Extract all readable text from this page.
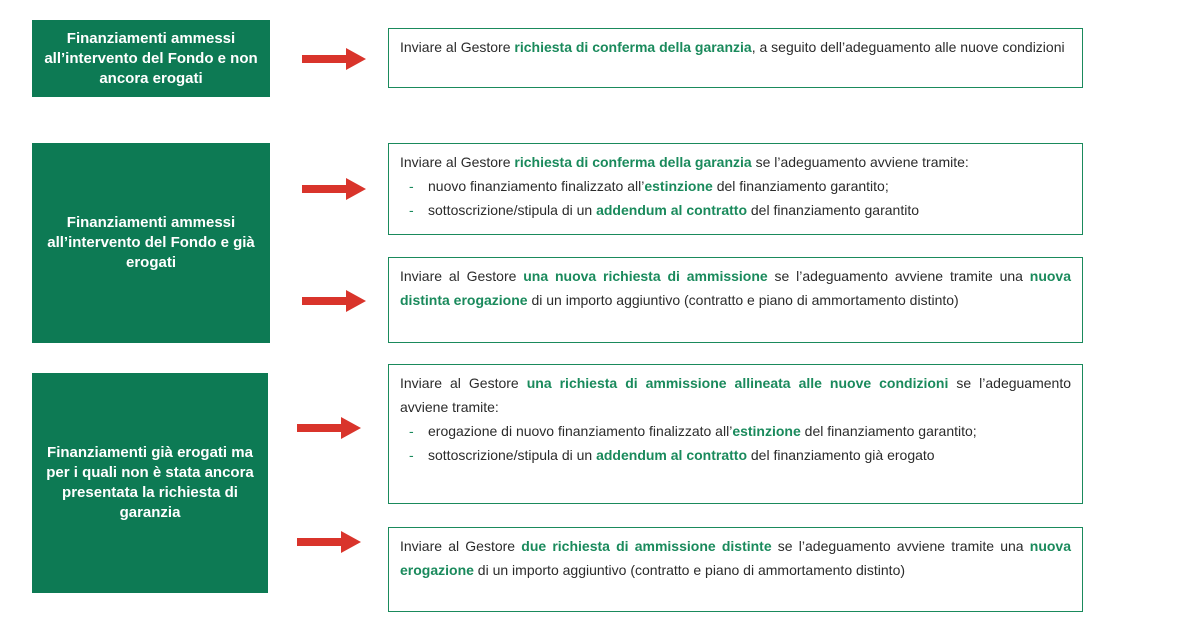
Finanziamenti ammessi all’intervento del Fondo e non ancora erogati
Inviare al Gestore richiesta di conferma della garanzia, a seguito dell’adeguamento alle nuove condizioni
Finanziamenti ammessi all’intervento del Fondo e già erogati
Inviare al Gestore richiesta di conferma della garanzia se l’adeguamento avviene tramite:
- nuovo finanziamento finalizzato all’estinzione del finanziamento garantito;
- sottoscrizione/stipula di un addendum al contratto del finanziamento garantito
Inviare al Gestore una nuova richiesta di ammissione se l’adeguamento avviene tramite una nuova distinta erogazione di un importo aggiuntivo (contratto e piano di ammortamento distinto)
Finanziamenti già erogati ma per i quali non è stata ancora presentata la richiesta di garanzia
Inviare al Gestore una richiesta di ammissione allineata alle nuove condizioni se l’adeguamento avviene tramite:
- erogazione di nuovo finanziamento finalizzato all’estinzione del finanziamento garantito;
- sottoscrizione/stipula di un addendum al contratto del finanziamento già erogato
Inviare al Gestore due richiesta di ammissione distinte se l’adeguamento avviene tramite una nuova erogazione di un importo aggiuntivo (contratto e piano di ammortamento distinto)
